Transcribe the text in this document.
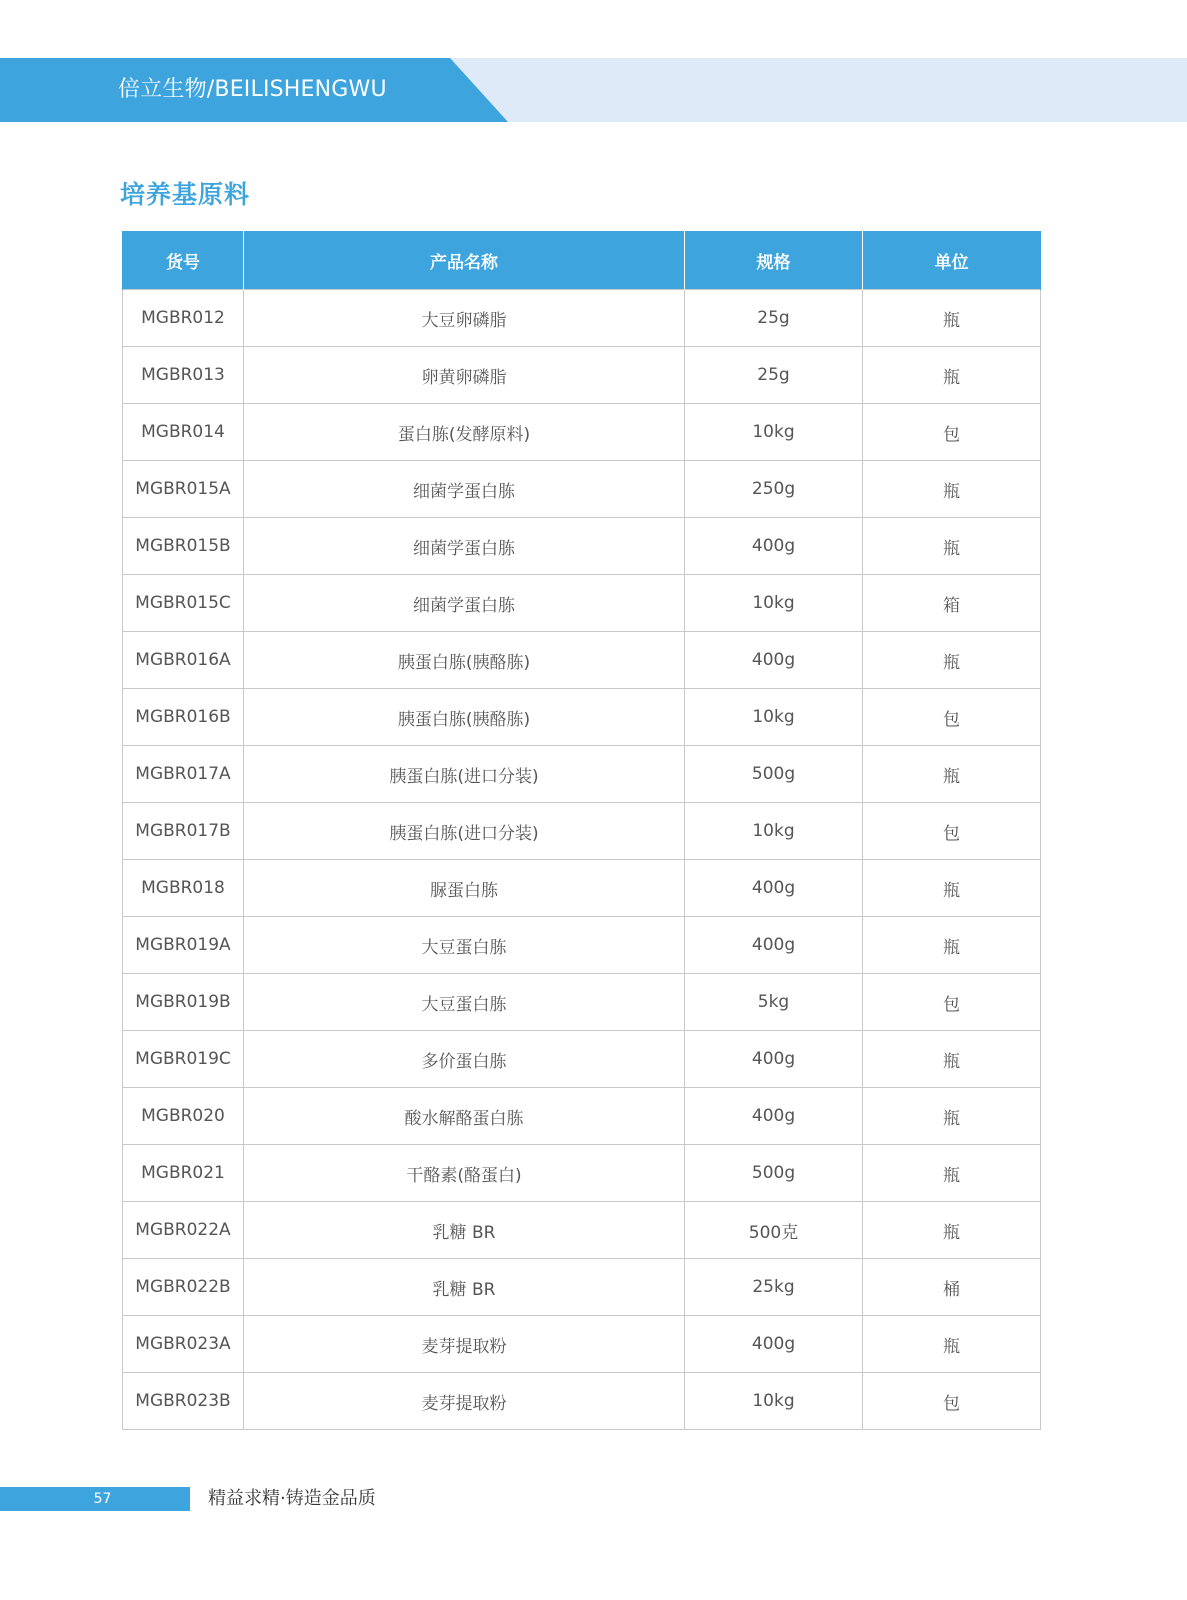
倍立生物/BEILISHENGWU
培养基原料
货号	产品名称	规格	单位
MGBR012	大豆卵磷脂	25g	瓶
MGBR013	卵黄卵磷脂	25g	瓶
MGBR014	蛋白胨(发酵原料)	10kg	包
MGBR015A	细菌学蛋白胨	250g	瓶
MGBR015B	细菌学蛋白胨	400g	瓶
MGBR015C	细菌学蛋白胨	10kg	箱
MGBR016A	胰蛋白胨(胰酪胨)	400g	瓶
MGBR016B	胰蛋白胨(胰酪胨)	10kg	包
MGBR017A	胰蛋白胨(进口分装)	500g	瓶
MGBR017B	胰蛋白胨(进口分装)	10kg	包
MGBR018	脲蛋白胨	400g	瓶
MGBR019A	大豆蛋白胨	400g	瓶
MGBR019B	大豆蛋白胨	5kg	包
MGBR019C	多价蛋白胨	400g	瓶
MGBR020	酸水解酪蛋白胨	400g	瓶
MGBR021	干酪素(酪蛋白)	500g	瓶
MGBR022A	乳糖 BR	500克	瓶
MGBR022B	乳糖 BR	25kg	桶
MGBR023A	麦芽提取粉	400g	瓶
MGBR023B	麦芽提取粉	10kg	包
57	精益求精·铸造金品质
